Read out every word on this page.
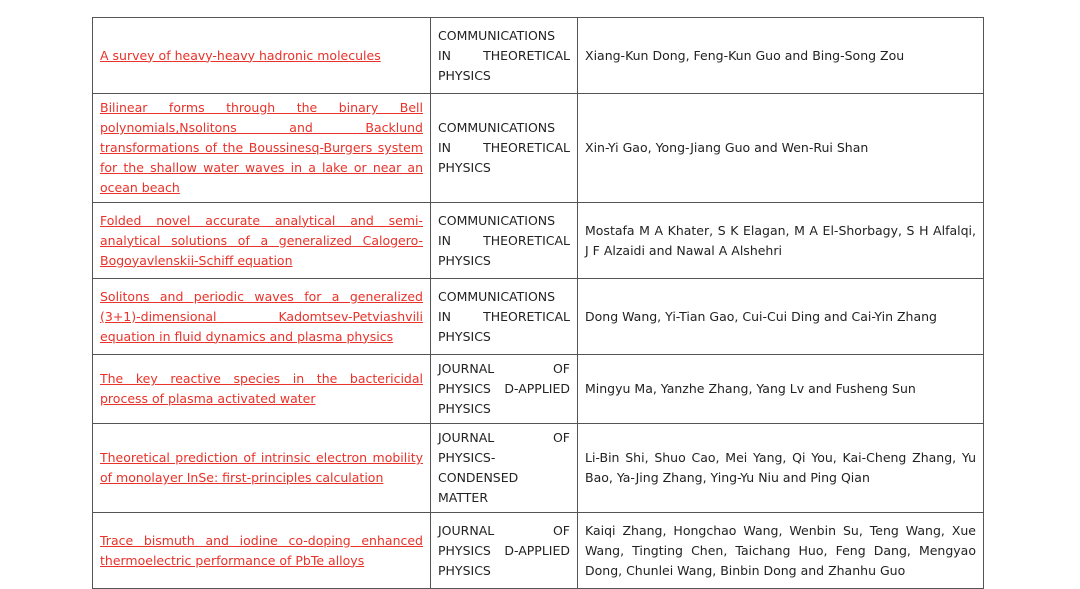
A survey of heavy-heavy hadronic molecules	COMMUNICATIONS IN THEORETICAL PHYSICS	Xiang-Kun Dong, Feng-Kun Guo and Bing-Song Zou

Bilinear forms through the binary Bell polynomials,Nsolitons and Backlund transformations of the Boussinesq-Burgers system for the shallow water waves in a lake or near an ocean beach	COMMUNICATIONS IN THEORETICAL PHYSICS	Xin-Yi Gao, Yong-Jiang Guo and Wen-Rui Shan

Folded novel accurate analytical and semi-analytical solutions of a generalized Calogero-Bogoyavlenskii-Schiff equation	COMMUNICATIONS IN THEORETICAL PHYSICS	Mostafa M A Khater, S K Elagan, M A El-Shorbagy, S H Alfalqi, J F Alzaidi and Nawal A Alshehri

Solitons and periodic waves for a generalized (3+1)-dimensional Kadomtsev-Petviashvili equation in fluid dynamics and plasma physics	COMMUNICATIONS IN THEORETICAL PHYSICS	Dong Wang, Yi-Tian Gao, Cui-Cui Ding and Cai-Yin Zhang

The key reactive species in the bactericidal process of plasma activated water	JOURNAL OF PHYSICS D-APPLIED PHYSICS	Mingyu Ma, Yanzhe Zhang, Yang Lv and Fusheng Sun

Theoretical prediction of intrinsic electron mobility of monolayer InSe: first-principles calculation	JOURNAL OF PHYSICS-CONDENSED MATTER	Li-Bin Shi, Shuo Cao, Mei Yang, Qi You, Kai-Cheng Zhang, Yu Bao, Ya-Jing Zhang, Ying-Yu Niu and Ping Qian

Trace bismuth and iodine co-doping enhanced thermoelectric performance of PbTe alloys	JOURNAL OF PHYSICS D-APPLIED PHYSICS	Kaiqi Zhang, Hongchao Wang, Wenbin Su, Teng Wang, Xue Wang, Tingting Chen, Taichang Huo, Feng Dang, Mengyao Dong, Chunlei Wang, Binbin Dong and Zhanhu Guo
